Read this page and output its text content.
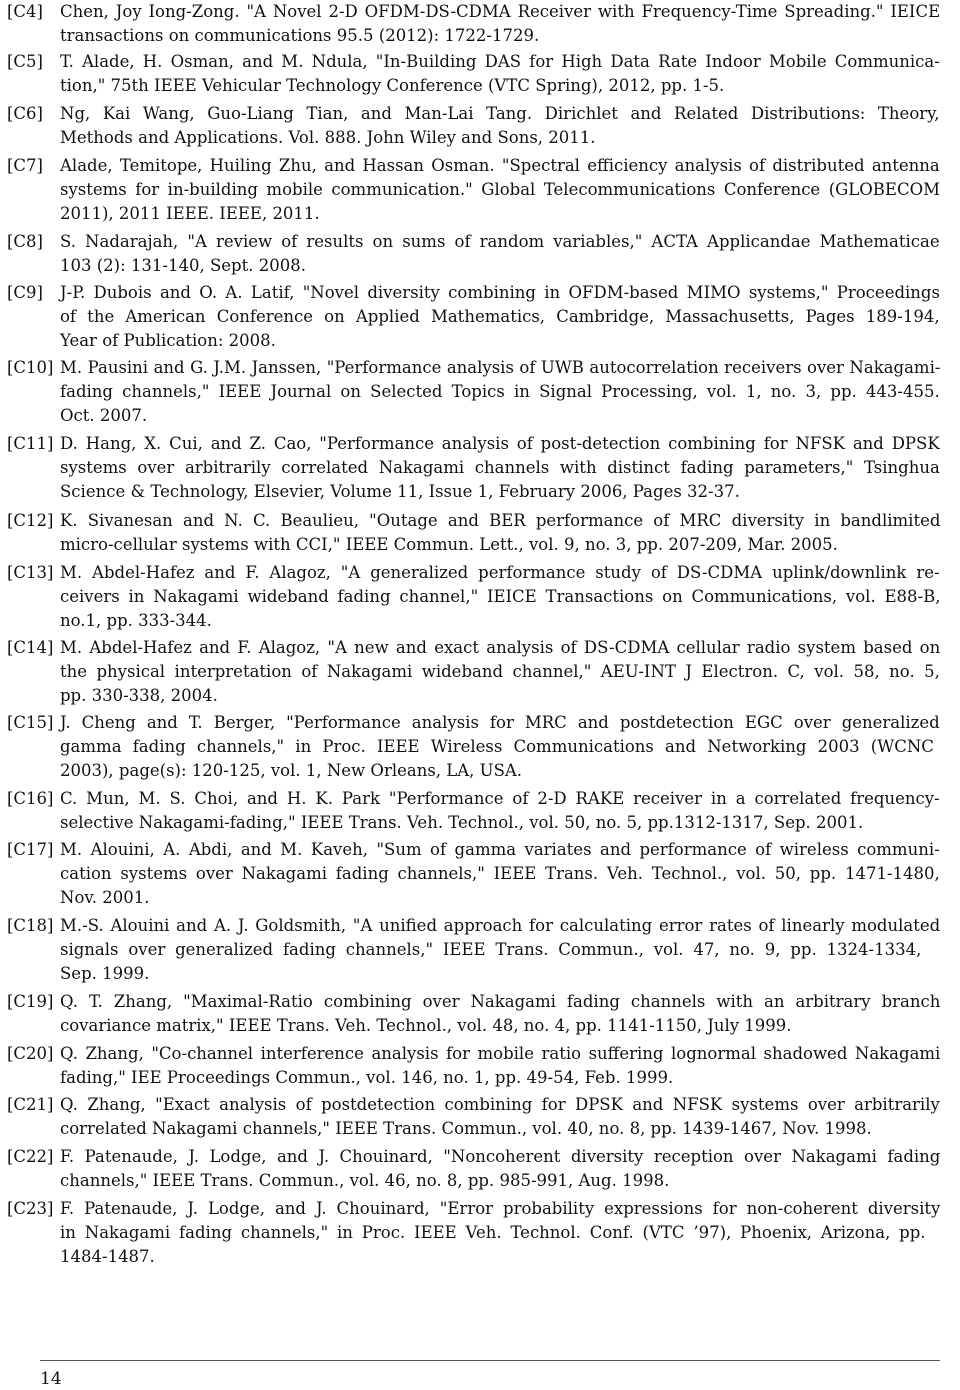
[C4] Chen, Joy Iong-Zong. "A Novel 2-D OFDM-DS-CDMA Receiver with Frequency-Time Spreading." IEICE
transactions on communications 95.5 (2012): 1722-1729.
[C5] T. Alade, H. Osman, and M. Ndula, "In-Building DAS for High Data Rate Indoor Mobile Communica-
tion," 75th IEEE Vehicular Technology Conference (VTC Spring), 2012, pp. 1-5.
[C6] Ng, Kai Wang, Guo-Liang Tian, and Man-Lai Tang. Dirichlet and Related Distributions: Theory,
Methods and Applications. Vol. 888. John Wiley and Sons, 2011.
[C7] Alade, Temitope, Huiling Zhu, and Hassan Osman. "Spectral efficiency analysis of distributed antenna
systems for in-building mobile communication." Global Telecommunications Conference (GLOBECOM
2011), 2011 IEEE. IEEE, 2011.
[C8] S. Nadarajah, "A review of results on sums of random variables," ACTA Applicandae Mathematicae
103 (2): 131-140, Sept. 2008.
[C9] J-P. Dubois and O. A. Latif, "Novel diversity combining in OFDM-based MIMO systems," Proceedings
of the American Conference on Applied Mathematics, Cambridge, Massachusetts, Pages 189-194,
Year of Publication: 2008.
[C10] M. Pausini and G. J.M. Janssen, "Performance analysis of UWB autocorrelation receivers over Nakagami-
fading channels," IEEE Journal on Selected Topics in Signal Processing, vol. 1, no. 3, pp. 443-455.
Oct. 2007.
[C11] D. Hang, X. Cui, and Z. Cao, "Performance analysis of post-detection combining for NFSK and DPSK
systems over arbitrarily correlated Nakagami channels with distinct fading parameters," Tsinghua
Science & Technology, Elsevier, Volume 11, Issue 1, February 2006, Pages 32-37.
[C12] K. Sivanesan and N. C. Beaulieu, "Outage and BER performance of MRC diversity in bandlimited
micro-cellular systems with CCI," IEEE Commun. Lett., vol. 9, no. 3, pp. 207-209, Mar. 2005.
[C13] M. Abdel-Hafez and F. Alagoz, "A generalized performance study of DS-CDMA uplink/downlink re-
ceivers in Nakagami wideband fading channel," IEICE Transactions on Communications, vol. E88-B,
no.1, pp. 333-344.
[C14] M. Abdel-Hafez and F. Alagoz, "A new and exact analysis of DS-CDMA cellular radio system based on
the physical interpretation of Nakagami wideband channel," AEU-INT J Electron. C, vol. 58, no. 5,
pp. 330-338, 2004.
[C15] J. Cheng and T. Berger, "Performance analysis for MRC and postdetection EGC over generalized
gamma fading channels," in Proc. IEEE Wireless Communications and Networking 2003 (WCNC
2003), page(s): 120-125, vol. 1, New Orleans, LA, USA.
[C16] C. Mun, M. S. Choi, and H. K. Park "Performance of 2-D RAKE receiver in a correlated frequency-
selective Nakagami-fading," IEEE Trans. Veh. Technol., vol. 50, no. 5, pp.1312-1317, Sep. 2001.
[C17] M. Alouini, A. Abdi, and M. Kaveh, "Sum of gamma variates and performance of wireless communi-
cation systems over Nakagami fading channels," IEEE Trans. Veh. Technol., vol. 50, pp. 1471-1480,
Nov. 2001.
[C18] M.-S. Alouini and A. J. Goldsmith, "A unified approach for calculating error rates of linearly modulated
signals over generalized fading channels," IEEE Trans. Commun., vol. 47, no. 9, pp. 1324-1334,
Sep. 1999.
[C19] Q. T. Zhang, "Maximal-Ratio combining over Nakagami fading channels with an arbitrary branch
covariance matrix," IEEE Trans. Veh. Technol., vol. 48, no. 4, pp. 1141-1150, July 1999.
[C20] Q. Zhang, "Co-channel interference analysis for mobile ratio suffering lognormal shadowed Nakagami
fading," IEE Proceedings Commun., vol. 146, no. 1, pp. 49-54, Feb. 1999.
[C21] Q. Zhang, "Exact analysis of postdetection combining for DPSK and NFSK systems over arbitrarily
correlated Nakagami channels," IEEE Trans. Commun., vol. 40, no. 8, pp. 1439-1467, Nov. 1998.
[C22] F. Patenaude, J. Lodge, and J. Chouinard, "Noncoherent diversity reception over Nakagami fading
channels," IEEE Trans. Commun., vol. 46, no. 8, pp. 985-991, Aug. 1998.
[C23] F. Patenaude, J. Lodge, and J. Chouinard, "Error probability expressions for non-coherent diversity
in Nakagami fading channels," in Proc. IEEE Veh. Technol. Conf. (VTC ’97), Phoenix, Arizona, pp.
1484-1487.
14
